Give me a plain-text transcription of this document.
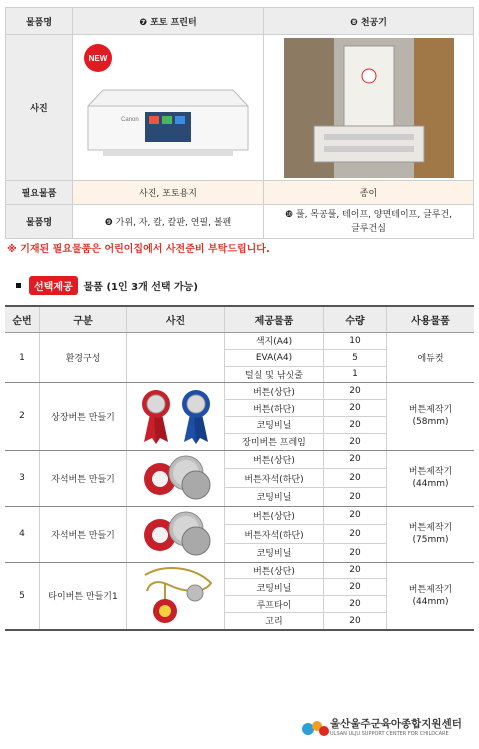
물품명	❼ 포토 프린터	❽ 천공기
사진	NEW
Canon

필요물품	사진, 포토용지	종이
물품명	❾ 가위, 자, 칼, 칼판, 연필, 볼펜	❿ 풀, 목공풀, 테이프, 양면테이프, 글루건, 글루건심
※ 기재된 필요물품은 어린이집에서 사전준비 부탁드립니다.
선택제공	물품 (1인 3개 선택 가능)
순번	구분	사진	제공물품	수량	사용물품
1	환경구성		색지(A4)	10	에듀컷
			EVA(A4)	5	
			털실 및 낚싯줄	1	
2	상장버튼 만들기		버튼(상단)	20	버튼제작기
(58mm)
			버튼(하단)	20	
			코팅비닐	20	
			장미버튼 프레임	20	
3	자석버튼 만들기		버튼(상단)	20	버튼제작기
(44mm)
			버튼자석(하단)	20	
			코팅비닐	20	
4	자석버튼 만들기		버튼(상단)	20	버튼제작기
(75mm)
			버튼자석(하단)	20	
			코팅비닐	20	
5	타이버튼 만들기1		버튼(상단)	20	버튼제작기
(44mm)
			코팅비닐	20	
			루프타이	20	
			고리	20	
울산울주군육아종합지원센터
ULSAN ULJU SUPPORT CENTER FOR CHILDCARE
